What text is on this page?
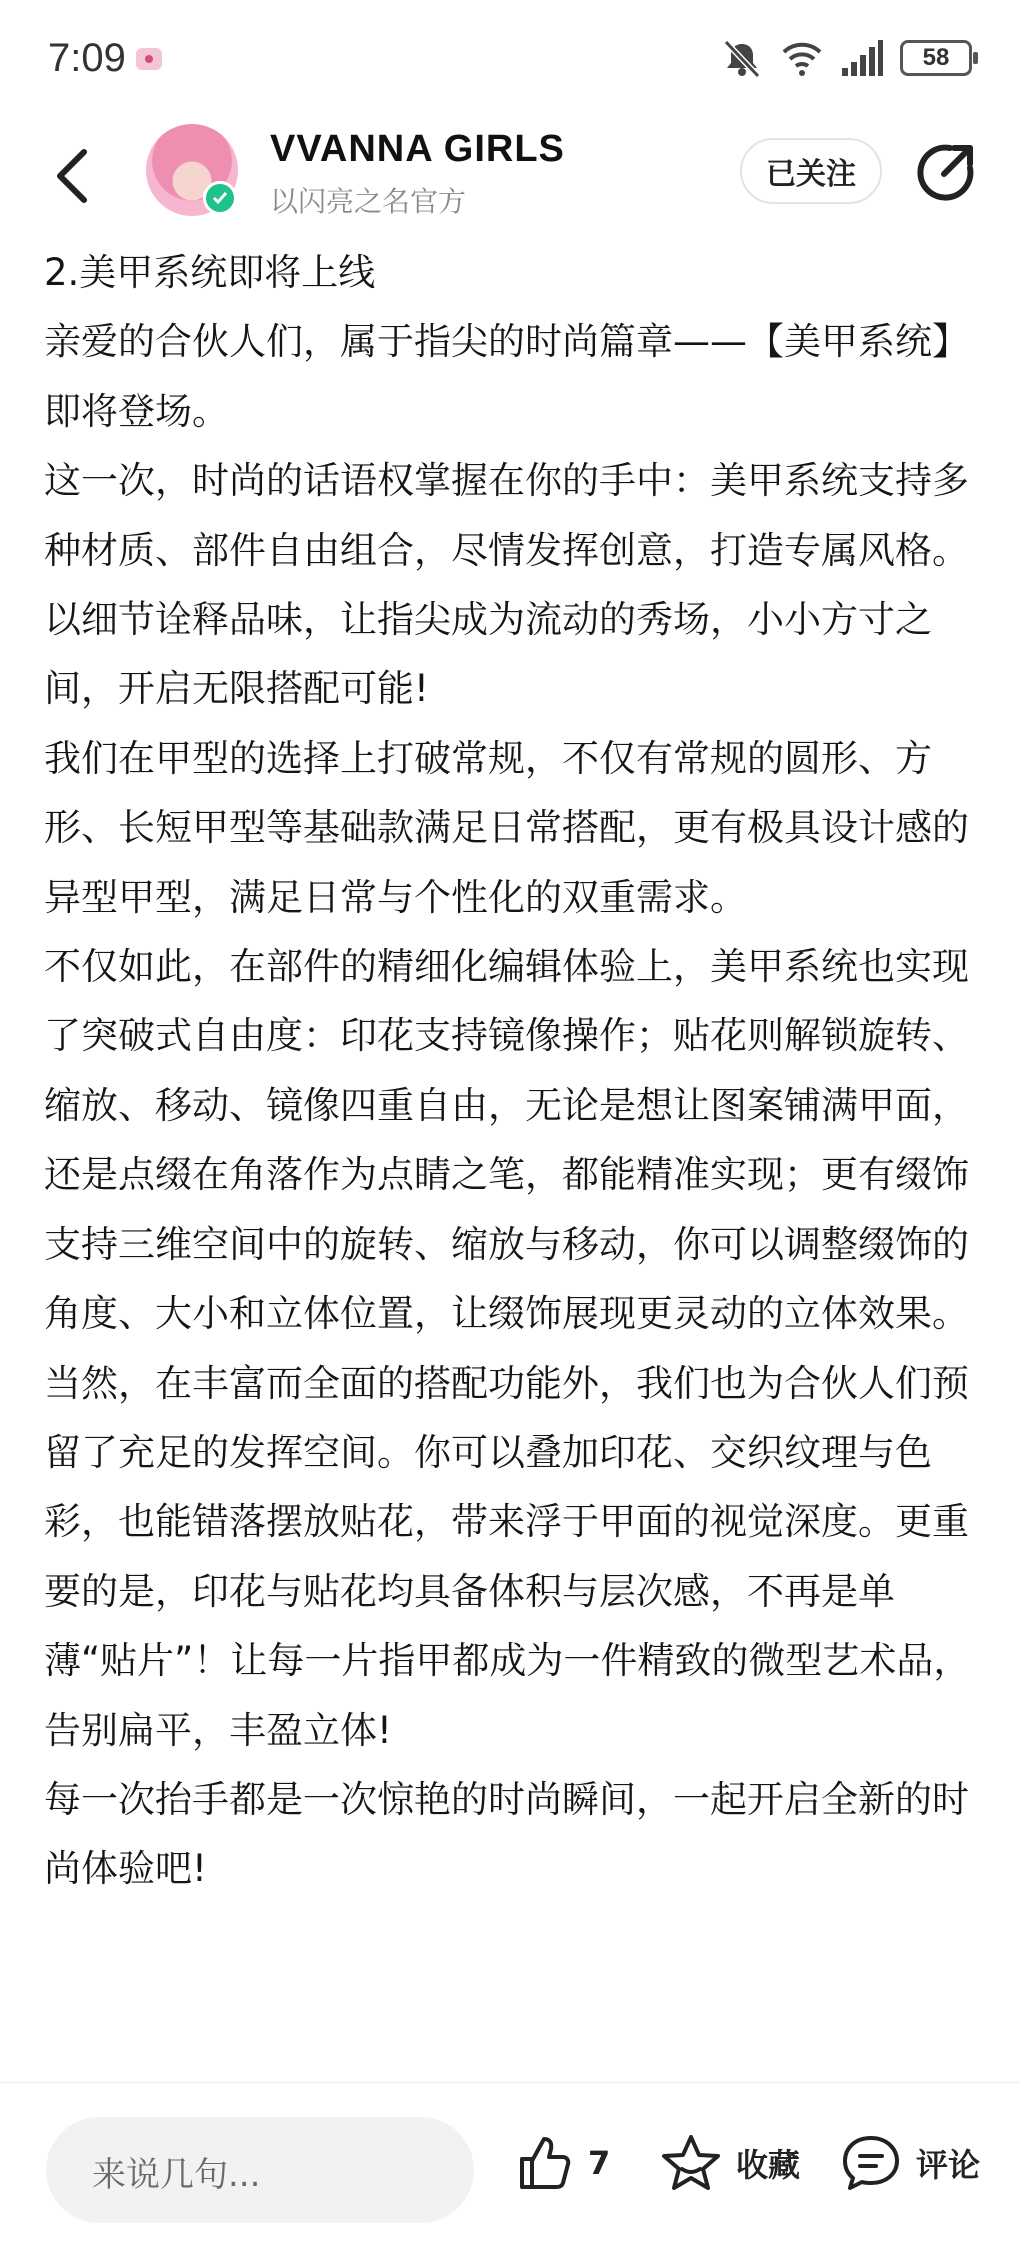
7:09	58
VVANNA GIRLS
以闪亮之名官方
已关注

2.美甲系统即将上线

亲爱的合伙人们，属于指尖的时尚篇章——【美甲系统】即将登场。

这一次，时尚的话语权掌握在你的手中：美甲系统支持多种材质、部件自由组合，尽情发挥创意，打造专属风格。以细节诠释品味，让指尖成为流动的秀场，小小方寸之间，开启无限搭配可能!

我们在甲型的选择上打破常规，不仅有常规的圆形、方形、长短甲型等基础款满足日常搭配，更有极具设计感的异型甲型，满足日常与个性化的双重需求。

不仅如此，在部件的精细化编辑体验上，美甲系统也实现了突破式自由度：印花支持镜像操作；贴花则解锁旋转、缩放、移动、镜像四重自由，无论是想让图案铺满甲面，还是点缀在角落作为点睛之笔，都能精准实现；更有缀饰支持三维空间中的旋转、缩放与移动，你可以调整缀饰的角度、大小和立体位置，让缀饰展现更灵动的立体效果。

当然，在丰富而全面的搭配功能外，我们也为合伙人们预留了充足的发挥空间。你可以叠加印花、交织纹理与色彩，也能错落摆放贴花，带来浮于甲面的视觉深度。更重要的是，印花与贴花均具备体积与层次感，不再是单薄“贴片”！让每一片指甲都成为一件精致的微型艺术品，告别扁平，丰盈立体!

每一次抬手都是一次惊艳的时尚瞬间，一起开启全新的时尚体验吧!

来说几句...	7	收藏	评论
